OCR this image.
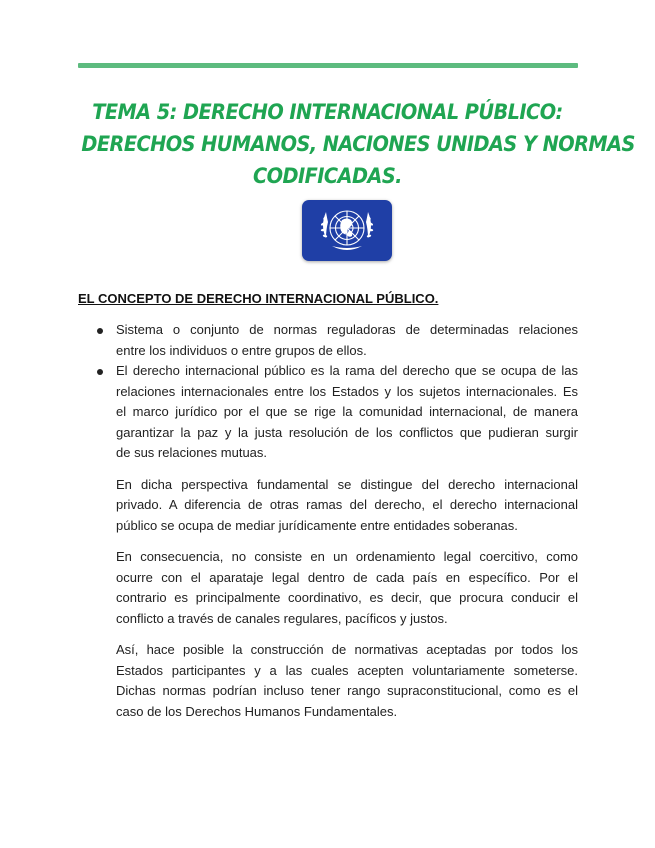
TEMA 5: DERECHO INTERNACIONAL PÚBLICO:
DERECHOS HUMANOS, NACIONES UNIDAS Y NORMAS
CODIFICADAS.
EL CONCEPTO DE DERECHO INTERNACIONAL PÚBLICO.
Sistema o conjunto de normas reguladoras de determinadas relaciones
entre los individuos o entre grupos de ellos.
El derecho internacional público es la rama del derecho que se ocupa de las
relaciones internacionales entre los Estados y los sujetos internacionales. Es
el marco jurídico por el que se rige la comunidad internacional, de manera
garantizar la paz y la justa resolución de los conflictos que pudieran surgir
de sus relaciones mutuas.
En dicha perspectiva fundamental se distingue del derecho internacional
privado. A diferencia de otras ramas del derecho, el derecho internacional
público se ocupa de mediar jurídicamente entre entidades soberanas.
En consecuencia, no consiste en un ordenamiento legal coercitivo, como
ocurre con el aparataje legal dentro de cada país en específico. Por el
contrario es principalmente coordinativo, es decir, que procura conducir el
conflicto a través de canales regulares, pacíficos y justos.
Así, hace posible la construcción de normativas aceptadas por todos los
Estados participantes y a las cuales acepten voluntariamente someterse.
Dichas normas podrían incluso tener rango supraconstitucional, como es el
caso de los Derechos Humanos Fundamentales.
